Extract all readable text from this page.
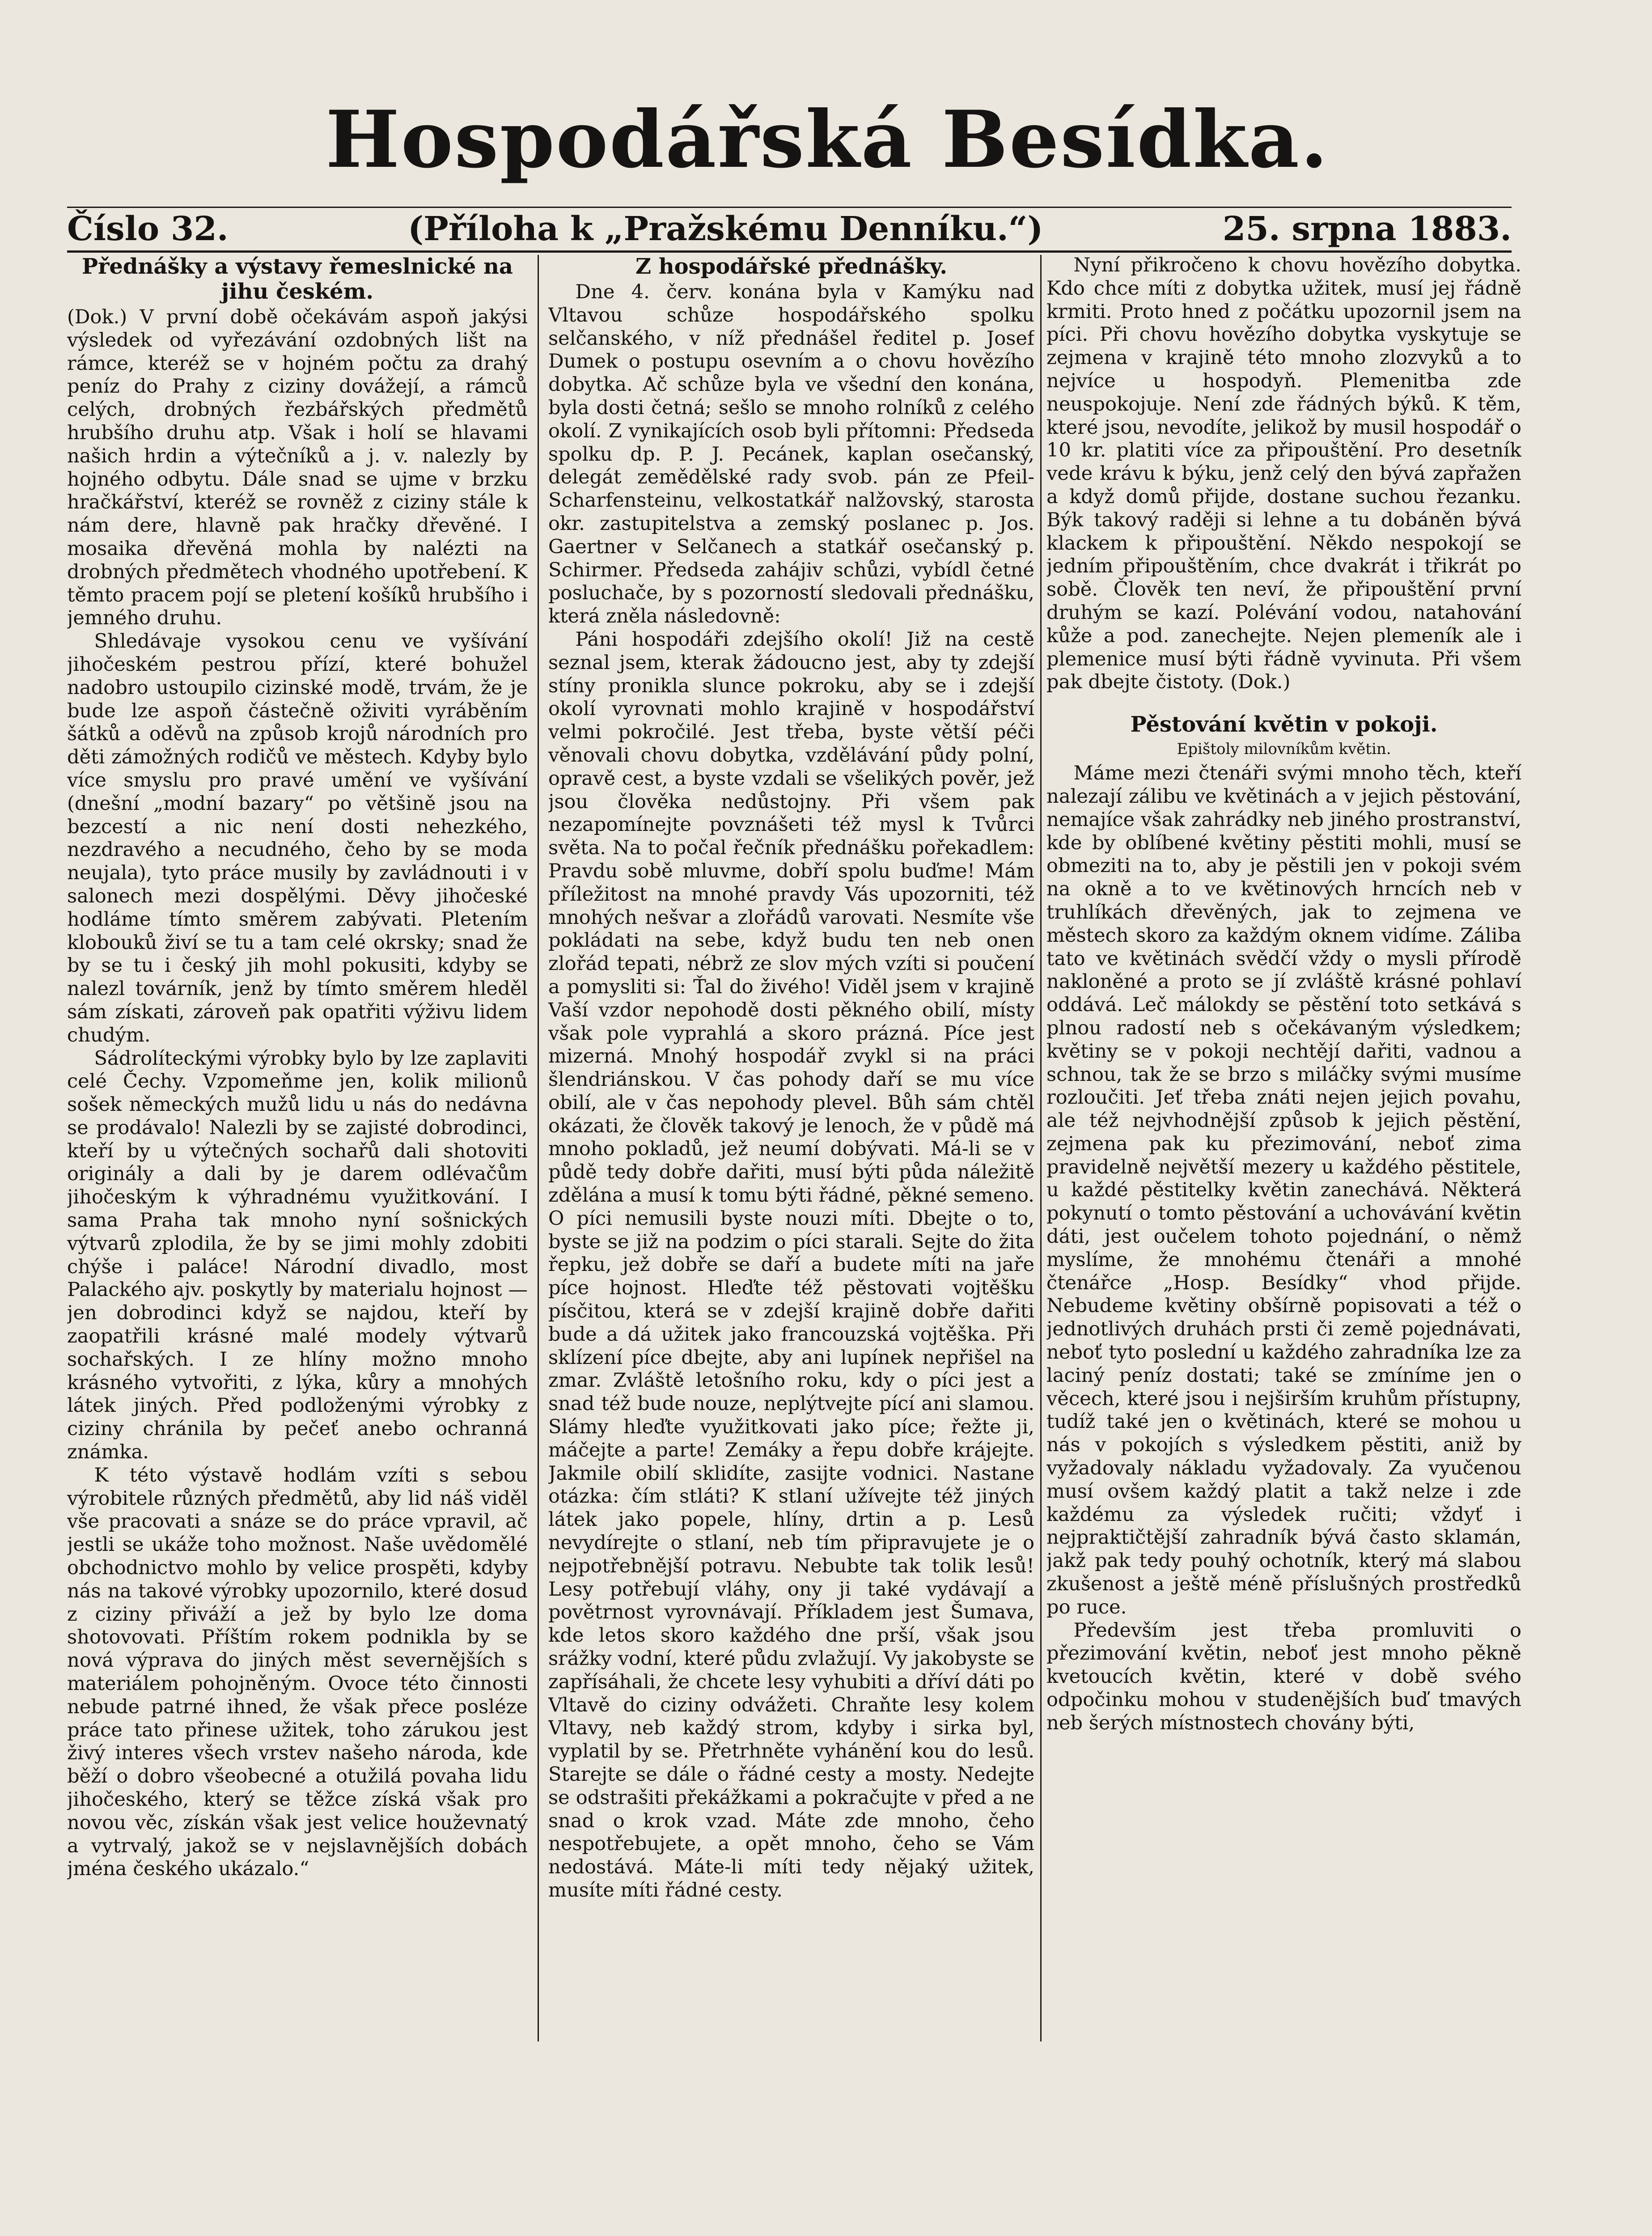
Hospodářská Besídka.
Číslo 32.	(Příloha k „Pražskému Denníku.“)	25. srpna 1883.
Přednášky a výstavy řemeslnické na jihu českém.

(Dok.) V první době očekávám aspoň jakýsi výsledek od vyřezávání ozdobných lišt na rámce, kteréž se v hojném počtu za drahý peníz do Prahy z ciziny dovážejí, a rámců celých, drobných řezbářských předmětů hrubšího druhu atp. Však i holí se hlavami našich hrdin a výtečníků a j. v. nalezly by hojného odbytu. Dále snad se ujme v brzku hračkářství, kteréž se rovněž z ciziny stále k nám dere, hlavně pak hračky dřevěné. I mosaika dřevěná mohla by nalézti na drobných předmětech vhodného upotřebení. K těmto pracem pojí se pletení košíků hrubšího i jemného druhu.

Shledávaje vysokou cenu ve vyšívání jihočeském pestrou přízí, které bohužel nadobro ustoupilo cizinské modě, trvám, že je bude lze aspoň částečně oživiti vyráběním šátků a oděvů na způsob krojů národních pro děti zámožných rodičů ve městech. Kdyby bylo více smyslu pro pravé umění ve vyšívání (dnešní „modní bazary“ po většině jsou na bezcestí a nic není dosti nehezkého, nezdravého a necudného, čeho by se moda neujala), tyto práce musily by zavládnouti i v salonech mezi dospělými. Děvy jihočeské hodláme tímto směrem zabývati. Pletením klobouků živí se tu a tam celé okrsky; snad že by se tu i český jih mohl pokusiti, kdyby se nalezl továrník, jenž by tímto směrem hleděl sám získati, zároveň pak opatřiti výživu lidem chudým.

Sádrolíteckými výrobky bylo by lze zaplaviti celé Čechy. Vzpomeňme jen, kolik milionů sošek německých mužů lidu u nás do nedávna se prodávalo! Nalezli by se zajisté dobrodinci, kteří by u výtečných sochařů dali shotoviti originály a dali by je darem odlévačům jihočeským k výhradnému využitkování. I sama Praha tak mnoho nyní sošnických výtvarů zplodila, že by se jimi mohly zdobiti chýše i paláce! Národní divadlo, most Palackého ajv. poskytly by materialu hojnost — jen dobrodinci když se najdou, kteří by zaopatřili krásné malé modely výtvarů sochařských. I ze hlíny možno mnoho krásného vytvořiti, z lýka, kůry a mnohých látek jiných. Před podloženými výrobky z ciziny chránila by pečeť anebo ochranná známka.

K této výstavě hodlám vzíti s sebou výrobitele různých předmětů, aby lid náš viděl vše pracovati a snáze se do práce vpravil, ač jestli se ukáže toho možnost. Naše uvědomělé obchodnictvo mohlo by velice prospěti, kdyby nás na takové výrobky upozornilo, které dosud z ciziny přiváží a jež by bylo lze doma shotovovati. Příštím rokem podnikla by se nová výprava do jiných měst severnějších s materiálem pohojněným. Ovoce této činnosti nebude patrné ihned, že však přece posléze práce tato přinese užitek, toho zárukou jest živý interes všech vrstev našeho národa, kde běží o dobro všeobecné a otužilá povaha lidu jihočeského, který se těžce získá však pro novou věc, získán však jest velice houževnatý a vytrvalý, jakož se v nejslavnějších dobách jména českého ukázalo.“

Z hospodářské přednášky.

Dne 4. červ. konána byla v Kamýku nad Vltavou schůze hospodářského spolku selčanského, v níž přednášel ředitel p. Josef Dumek o postupu osevním a o chovu hovězího dobytka. Ač schůze byla ve všední den konána, byla dosti četná; sešlo se mnoho rolníků z celého okolí. Z vynikajících osob byli přítomni: Předseda spolku dp. P. J. Pecánek, kaplan osečanský, delegát zemědělské rady svob. pán ze Pfeil-Scharfensteinu, velkostatkář nalžovský, starosta okr. zastupitelstva a zemský poslanec p. Jos. Gaertner v Selčanech a statkář osečanský p. Schirmer. Předseda zahájiv schůzi, vybídl četné posluchače, by s pozorností sledovali přednášku, která zněla následovně:

Páni hospodáři zdejšího okolí! Již na cestě seznal jsem, kterak žádoucno jest, aby ty zdejší stíny pronikla slunce pokroku, aby se i zdejší okolí vyrovnati mohlo krajině v hospodářství velmi pokročilé. Jest třeba, byste větší péči věnovali chovu dobytka, vzdělávání půdy polní, opravě cest, a byste vzdali se všelikých pověr, jež jsou člověka nedůstojny. Při všem pak nezapomínejte povznášeti též mysl k Tvůrci světa. Na to počal řečník přednášku pořekadlem: Pravdu sobě mluvme, dobří spolu buďme! Mám příležitost na mnohé pravdy Vás upozorniti, též mnohých nešvar a zlořádů varovati. Nesmíte vše pokládati na sebe, když budu ten neb onen zlořád tepati, nébrž ze slov mých vzíti si poučení a pomysliti si: Ťal do živého! Viděl jsem v krajině Vaší vzdor nepohodě dosti pěkného obilí, místy však pole vyprahlá a skoro prázná. Píce jest mizerná. Mnohý hospodář zvykl si na práci šlendriánskou. V čas pohody daří se mu více obilí, ale v čas nepohody plevel. Bůh sám chtěl okázati, že člověk takový je lenoch, že v půdě má mnoho pokladů, jež neumí dobývati. Má-li se v půdě tedy dobře dařiti, musí býti půda náležitě zdělána a musí k tomu býti řádné, pěkné semeno. O píci nemusili byste nouzi míti. Dbejte o to, byste se již na podzim o píci starali. Sejte do žita řepku, jež dobře se daří a budete míti na jaře píce hojnost. Hleďte též pěstovati vojtěšku písčitou, která se v zdejší krajině dobře dařiti bude a dá užitek jako francouzská vojtěška. Při sklízení píce dbejte, aby ani lupínek nepřišel na zmar. Zvláště letošního roku, kdy o píci jest a snad též bude nouze, neplýtvejte pící ani slamou. Slámy hleďte využitkovati jako píce; řežte ji, máčejte a parte! Zemáky a řepu dobře krájejte. Jakmile obilí sklidíte, zasijte vodnici. Nastane otázka: čím stláti? K stlaní užívejte též jiných látek jako popele, hlíny, drtin a p. Lesů nevydírejte o stlaní, neb tím připravujete je o nejpotřebnější potravu. Nebubte tak tolik lesů! Lesy potřebují vláhy, ony ji také vydávají a povětrnost vyrovnávají. Příkladem jest Šumava, kde letos skoro každého dne prší, však jsou srážky vodní, které půdu zvlažují. Vy jakobyste se zapřísáhali, že chcete lesy vyhubiti a dříví dáti po Vltavě do ciziny odvážeti. Chraňte lesy kolem Vltavy, neb každý strom, kdyby i sirka byl, vyplatil by se. Přetrhněte vyhánění kou do lesů. Starejte se dále o řádné cesty a mosty. Nedejte se odstrašiti překážkami a pokračujte v před a ne snad o krok vzad. Máte zde mnoho, čeho nespotřebujete, a opět mnoho, čeho se Vám nedostává. Máte-li míti tedy nějaký užitek, musíte míti řádné cesty.

Nyní přikročeno k chovu hovězího dobytka. Kdo chce míti z dobytka užitek, musí jej řádně krmiti. Proto hned z počátku upozornil jsem na píci. Při chovu hovězího dobytka vyskytuje se zejmena v krajině této mnoho zlozvyků a to nejvíce u hospodyň. Plemenitba zde neuspokojuje. Není zde řádných býků. K těm, které jsou, nevodíte, jelikož by musil hospodář o 10 kr. platiti více za připouštění. Pro desetník vede krávu k býku, jenž celý den bývá zapřažen a když domů přijde, dostane suchou řezanku. Býk takový raději si lehne a tu dobáněn bývá klackem k připouštění. Někdo nespokojí se jedním připouštěním, chce dvakrát i třikrát po sobě. Člověk ten neví, že připouštění první druhým se kazí. Polévání vodou, natahování kůže a pod. zanechejte. Nejen plemeník ale i plemenice musí býti řádně vyvinuta. Při všem pak dbejte čistoty. (Dok.)

Pěstování květin v pokoji.
Epištoly milovníkům květin.

Máme mezi čtenáři svými mnoho těch, kteří nalezají zálibu ve květinách a v jejich pěstování, nemajíce však zahrádky neb jiného prostranství, kde by oblíbené květiny pěstiti mohli, musí se obmeziti na to, aby je pěstili jen v pokoji svém na okně a to ve květinových hrncích neb v truhlíkách dřevěných, jak to zejmena ve městech skoro za každým oknem vidíme. Záliba tato ve květinách svědčí vždy o mysli přírodě nakloněné a proto se jí zvláště krásné pohlaví oddává. Leč málokdy se pěstění toto setkává s plnou radostí neb s očekávaným výsledkem; květiny se v pokoji nechtějí dařiti, vadnou a schnou, tak že se brzo s miláčky svými musíme rozloučiti. Jeť třeba znáti nejen jejich povahu, ale též nejvhodnější způsob k jejich pěstění, zejmena pak ku přezimování, neboť zima pravidelně největší mezery u každého pěstitele, u každé pěstitelky květin zanechává. Některá pokynutí o tomto pěstování a uchovávání květin dáti, jest oučelem tohoto pojednání, o němž myslíme, že mnohému čtenáři a mnohé čtenářce „Hosp. Besídky“ vhod přijde. Nebudeme květiny obšírně popisovati a též o jednotlivých druhách prsti či země pojednávati, neboť tyto poslední u každého zahradníka lze za laciný peníz dostati; také se zmíníme jen o věcech, které jsou i nejširším kruhům přístupny, tudíž také jen o květinách, které se mohou u nás v pokojích s výsledkem pěstiti, aniž by vyžadovaly nákladu vyžadovaly. Za vyučenou musí ovšem každý platit a takž nelze i zde každému za výsledek ručiti; vždyť i nejpraktičtější zahradník bývá často sklamán, jakž pak tedy pouhý ochotník, který má slabou zkušenost a ještě méně příslušných prostředků po ruce.

Především jest třeba promluviti o přezimování květin, neboť jest mnoho pěkně kvetoucích květin, které v době svého odpočinku mohou v studenějších buď tmavých neb šerých místnostech chovány býti,
